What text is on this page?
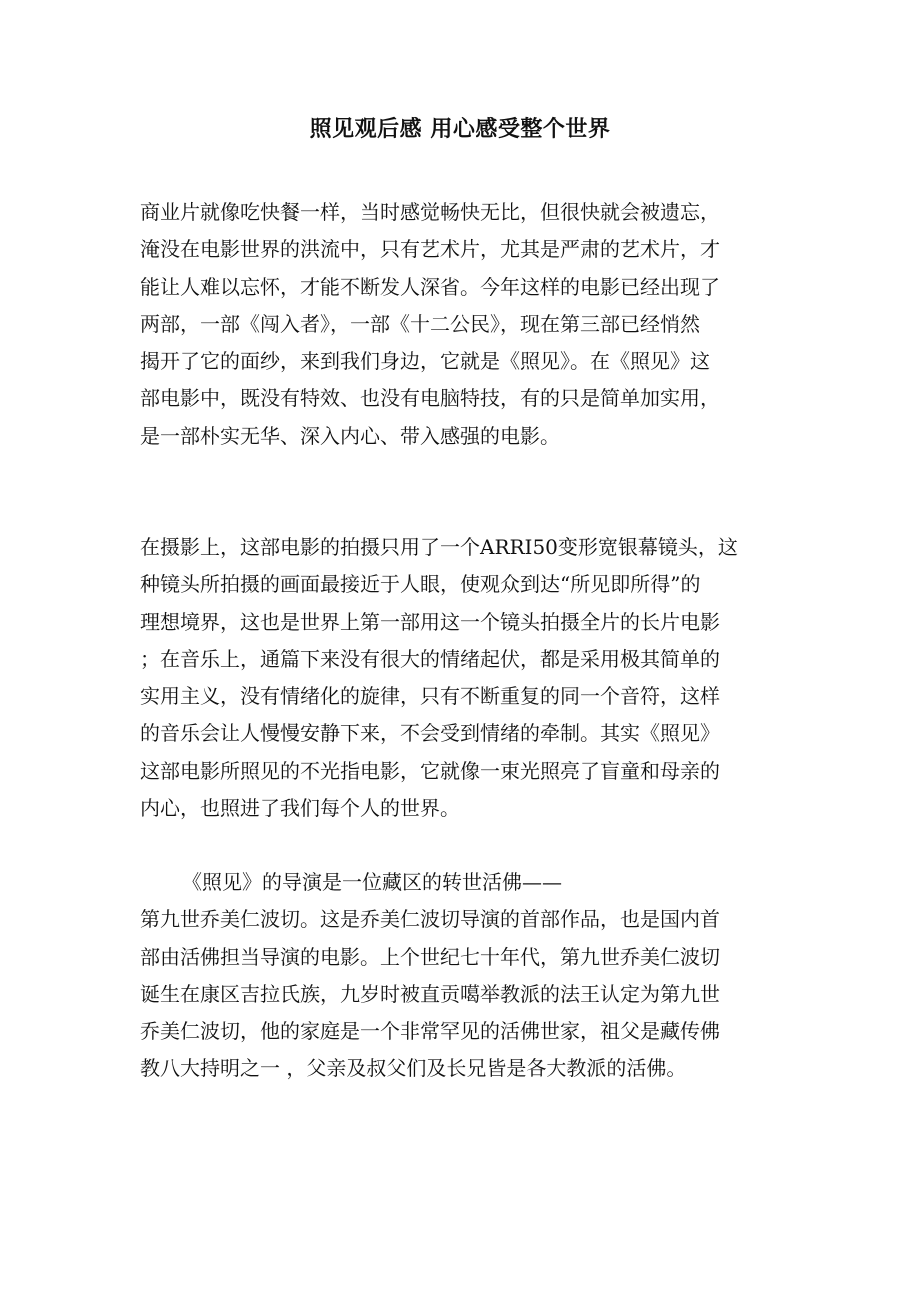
照见观后感 用心感受整个世界
商业片就像吃快餐一样，当时感觉畅快无比，但很快就会被遗忘，
淹没在电影世界的洪流中，只有艺术片，尤其是严肃的艺术片，才
能让人难以忘怀，才能不断发人深省。今年这样的电影已经出现了
两部，一部《闯入者》，一部《十二公民》，现在第三部已经悄然
揭开了它的面纱，来到我们身边，它就是《照见》。在《照见》这
部电影中，既没有特效、也没有电脑特技，有的只是简单加实用，
是一部朴实无华、深入内心、带入感强的电影。
在摄影上，这部电影的拍摄只用了一个ARRI50变形宽银幕镜头，这
种镜头所拍摄的画面最接近于人眼，使观众到达“所见即所得”的
理想境界，这也是世界上第一部用这一个镜头拍摄全片的长片电影
；在音乐上，通篇下来没有很大的情绪起伏，都是采用极其简单的
实用主义，没有情绪化的旋律，只有不断重复的同一个音符，这样
的音乐会让人慢慢安静下来，不会受到情绪的牵制。其实《照见》
这部电影所照见的不光指电影，它就像一束光照亮了盲童和母亲的
内心，也照进了我们每个人的世界。
《照见》的导演是一位藏区的转世活佛——
第九世乔美仁波切。这是乔美仁波切导演的首部作品，也是国内首
部由活佛担当导演的电影。上个世纪七十年代，第九世乔美仁波切
诞生在康区吉拉氏族，九岁时被直贡噶举教派的法王认定为第九世
乔美仁波切，他的家庭是一个非常罕见的活佛世家，祖父是藏传佛
教八大持明之一 ，父亲及叔父们及长兄皆是各大教派的活佛。
